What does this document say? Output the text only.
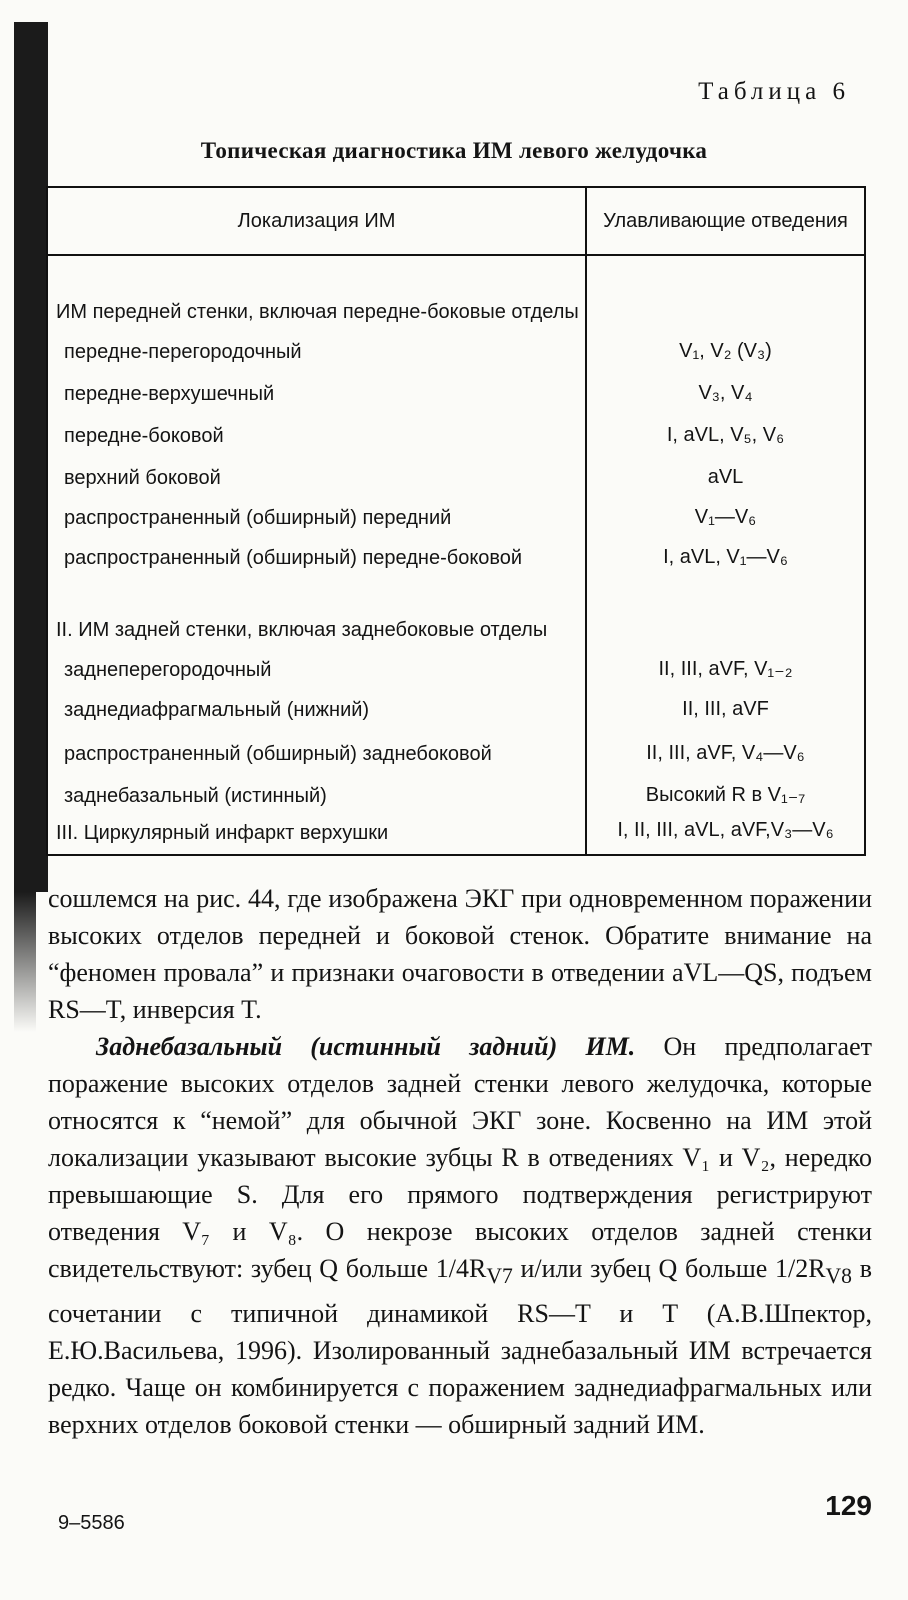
Таблица 6
Топическая диагностика ИМ левого желудочка
Локализация ИМ	Улавливающие отведения
ИМ передней стенки, включая передне-боковые отделы	
передне-перегородочный	V₁, V₂ (V₃)
передне-верхушечный	V₃, V₄
передне-боковой	I, aVL, V₅, V₆
верхний боковой	aVL
распространенный (обширный) передний	V₁—V₆
распространенный (обширный) передне-боковой	I, aVL, V₁—V₆
II. ИМ задней стенки, включая заднебоковые отделы	
заднеперегородочный	II, III, aVF, V₁₋₂
заднедиафрагмальный (нижний)	II, III, aVF
распространенный (обширный) заднебоковой	II, III, aVF, V₄—V₆
заднебазальный (истинный)	Высокий R в V₁₋₇
III. Циркулярный инфаркт верхушки	I, II, III, aVL, aVF,V₃—V₆

сошлемся на рис. 44, где изображена ЭКГ при одновременном поражении высоких отделов передней и боковой стенок. Обратите внимание на “феномен провала” и признаки очаговости в отведении aVL—QS, подъем RS—T, инверсия T.

Заднебазальный (истинный задний) ИМ. Он предполагает поражение высоких отделов задней стенки левого желудочка, которые относятся к “немой” для обычной ЭКГ зоне. Косвенно на ИМ этой локализации указывают высокие зубцы R в отведениях V₁ и V₂, нередко превышающие S. Для его прямого подтверждения регистрируют отведения V₇ и V₈. О некрозе высоких отделов задней стенки свидетельствуют: зубец Q больше $1/4R_{V7}$ и/или зубец Q больше $1/2R_{V8}$ в сочетании с типичной динамикой RS—T и T (А.В.Шпектор, Е.Ю.Васильева, 1996). Изолированный заднебазальный ИМ встречается редко. Чаще он комбинируется с поражением заднедиафрагмальных или верхних отделов боковой стенки — обширный задний ИМ.

9–5586
129
